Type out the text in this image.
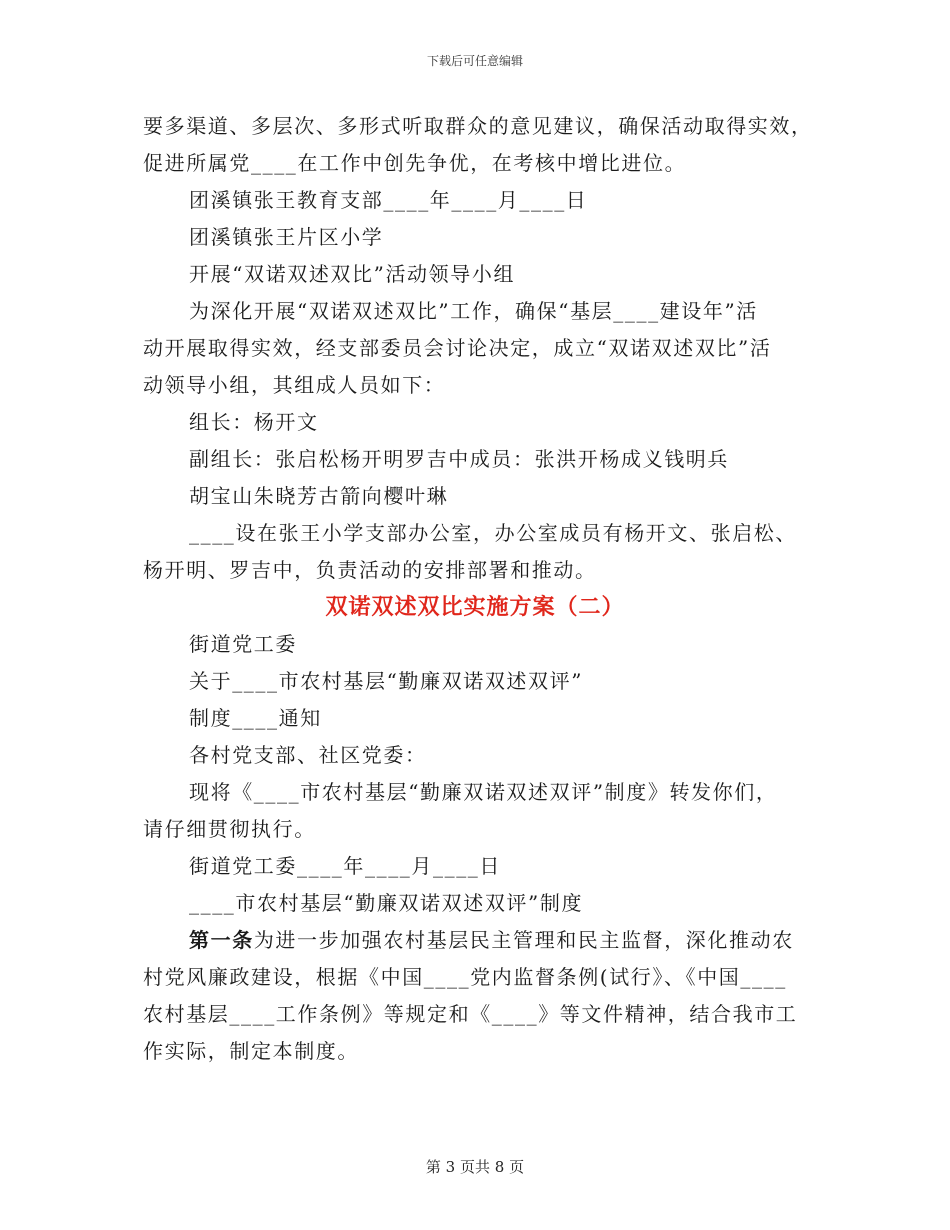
下载后可任意编辑
要多渠道、多层次、多形式听取群众的意见建议，确保活动取得实效，
促进所属党____在工作中创先争优，在考核中增比进位。
团溪镇张王教育支部____年____月____日
团溪镇张王片区小学
开展“双诺双述双比”活动领导小组
为深化开展“双诺双述双比”工作，确保“基层____建设年”活
动开展取得实效，经支部委员会讨论决定，成立“双诺双述双比”活
动领导小组，其组成人员如下：
组长：杨开文
副组长：张启松杨开明罗吉中成员：张洪开杨成义钱明兵
胡宝山朱晓芳古箭向樱叶琳
____设在张王小学支部办公室，办公室成员有杨开文、张启松、
杨开明、罗吉中，负责活动的安排部署和推动。
双诺双述双比实施方案（二）
街道党工委
关于____市农村基层“勤廉双诺双述双评”
制度____通知
各村党支部、社区党委：
现将《____市农村基层“勤廉双诺双述双评”制度》转发你们，
请仔细贯彻执行。
街道党工委____年____月____日
____市农村基层“勤廉双诺双述双评”制度
第一条为进一步加强农村基层民主管理和民主监督，深化推动农
村党风廉政建设，根据《中国____党内监督条例(试行》、《中国____
农村基层____工作条例》等规定和《____》等文件精神，结合我市工
作实际，制定本制度。
第 3 页共 8 页
